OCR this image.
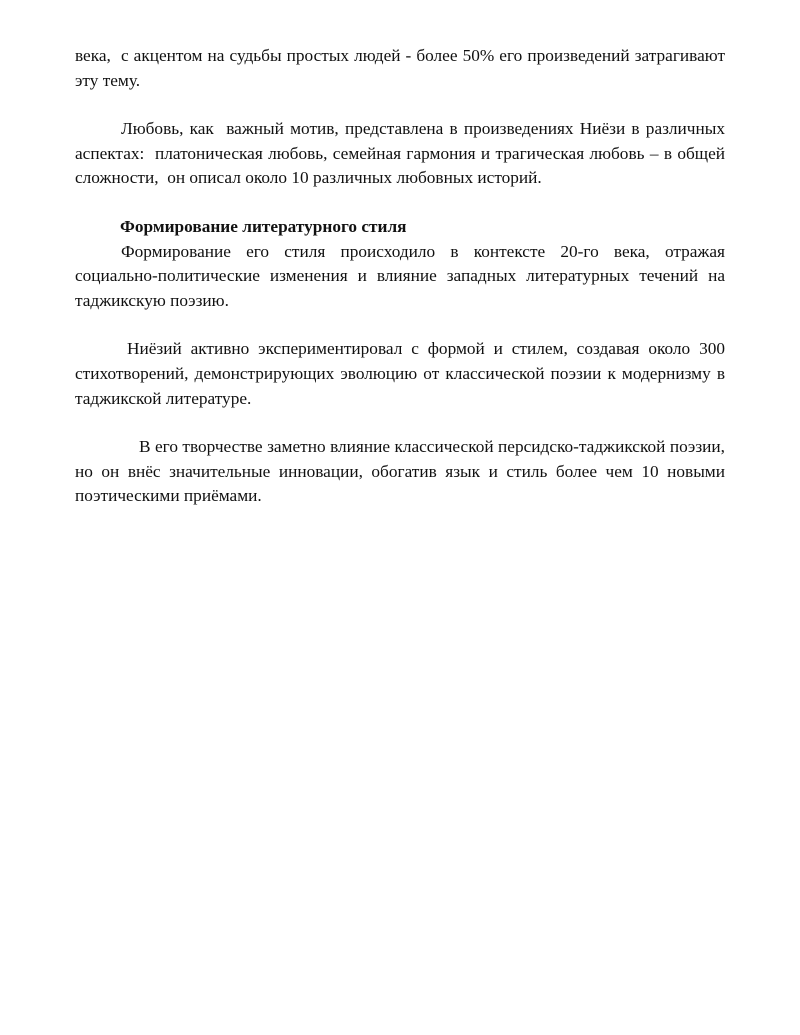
века,  с акцентом на судьбы простых людей - более 50% его произведений затрагивают эту тему.

Любовь, как  важный мотив, представлена в произведениях Ниёзи в различных аспектах:  платоническая любовь, семейная гармония и трагическая любовь – в общей сложности,  он описал около 10 различных любовных историй.

Формирование литературного стиля

Формирование его стиля происходило в контексте 20-го века, отражая социально-политические изменения и влияние западных литературных течений на таджикскую поэзию.

Ниёзий активно экспериментировал с формой и стилем, создавая около 300 стихотворений, демонстрирующих эволюцию от классической поэзии к модернизму в таджикской литературе.

В его творчестве заметно влияние классической персидско-таджикской поэзии, но он внёс значительные инновации, обогатив язык и стиль более чем 10 новыми поэтическими приёмами.
